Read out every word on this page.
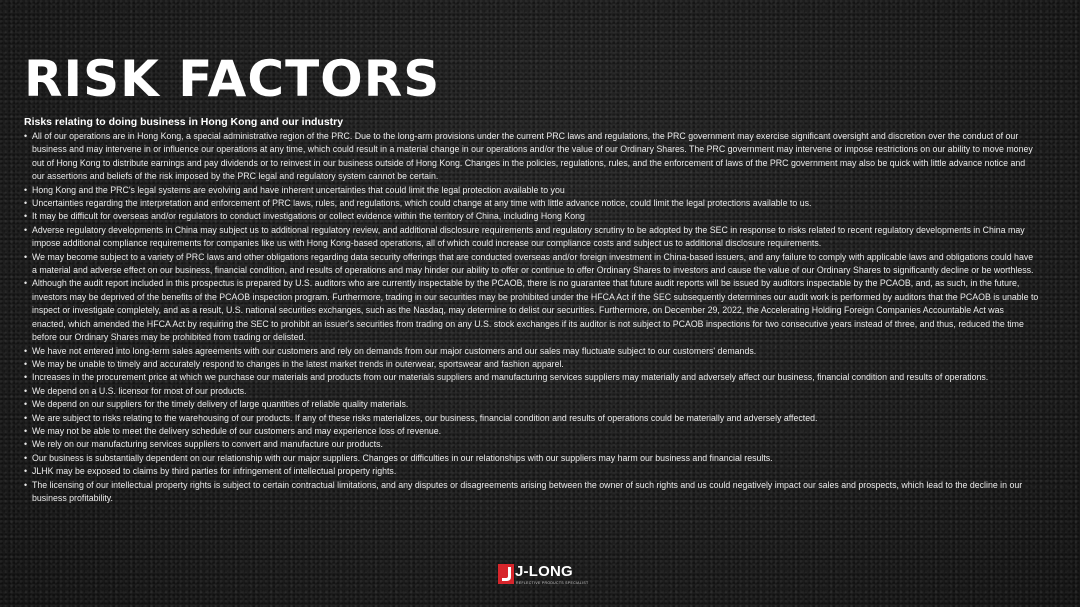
RISK FACTORS
Risks relating to doing business in Hong Kong and our industry
• All of our operations are in Hong Kong, a special administrative region of the PRC. Due to the long-arm provisions under the current PRC laws and regulations, the PRC government may exercise significant oversight and discretion over the conduct of our business and may intervene in or influence our operations at any time, which could result in a material change in our operations and/or the value of our Ordinary Shares. The PRC government may intervene or impose restrictions on our ability to move money out of Hong Kong to distribute earnings and pay dividends or to reinvest in our business outside of Hong Kong. Changes in the policies, regulations, rules, and the enforcement of laws of the PRC government may also be quick with little advance notice and our assertions and beliefs of the risk imposed by the PRC legal and regulatory system cannot be certain.
• Hong Kong and the PRC's legal systems are evolving and have inherent uncertainties that could limit the legal protection available to you
• Uncertainties regarding the interpretation and enforcement of PRC laws, rules, and regulations, which could change at any time with little advance notice, could limit the legal protections available to us.
• It may be difficult for overseas and/or regulators to conduct investigations or collect evidence within the territory of China, including Hong Kong
• Adverse regulatory developments in China may subject us to additional regulatory review, and additional disclosure requirements and regulatory scrutiny to be adopted by the SEC in response to risks related to recent regulatory developments in China may impose additional compliance requirements for companies like us with Hong Kong-based operations, all of which could increase our compliance costs and subject us to additional disclosure requirements.
• We may become subject to a variety of PRC laws and other obligations regarding data security offerings that are conducted overseas and/or foreign investment in China-based issuers, and any failure to comply with applicable laws and obligations could have a material and adverse effect on our business, financial condition, and results of operations and may hinder our ability to offer or continue to offer Ordinary Shares to investors and cause the value of our Ordinary Shares to significantly decline or be worthless.
• Although the audit report included in this prospectus is prepared by U.S. auditors who are currently inspectable by the PCAOB, there is no guarantee that future audit reports will be issued by auditors inspectable by the PCAOB, and, as such, in the future, investors may be deprived of the benefits of the PCAOB inspection program. Furthermore, trading in our securities may be prohibited under the HFCA Act if the SEC subsequently determines our audit work is performed by auditors that the PCAOB is unable to inspect or investigate completely, and as a result, U.S. national securities exchanges, such as the Nasdaq, may determine to delist our securities. Furthermore, on December 29, 2022, the Accelerating Holding Foreign Companies Accountable Act was enacted, which amended the HFCA Act by requiring the SEC to prohibit an issuer's securities from trading on any U.S. stock exchanges if its auditor is not subject to PCAOB inspections for two consecutive years instead of three, and thus, reduced the time before our Ordinary Shares may be prohibited from trading or delisted.
• We have not entered into long-term sales agreements with our customers and rely on demands from our major customers and our sales may fluctuate subject to our customers' demands.
• We may be unable to timely and accurately respond to changes in the latest market trends in outerwear, sportswear and fashion apparel.
• Increases in the procurement price at which we purchase our materials and products from our materials suppliers and manufacturing services suppliers may materially and adversely affect our business, financial condition and results of operations.
• We depend on a U.S. licensor for most of our products.
• We depend on our suppliers for the timely delivery of large quantities of reliable quality materials.
• We are subject to risks relating to the warehousing of our products. If any of these risks materializes, our business, financial condition and results of operations could be materially and adversely affected.
• We may not be able to meet the delivery schedule of our customers and may experience loss of revenue.
• We rely on our manufacturing services suppliers to convert and manufacture our products.
• Our business is substantially dependent on our relationship with our major suppliers. Changes or difficulties in our relationships with our suppliers may harm our business and financial results.
• JLHK may be exposed to claims by third parties for infringement of intellectual property rights.
• The licensing of our intellectual property rights is subject to certain contractual limitations, and any disputes or disagreements arising between the owner of such rights and us could negatively impact our sales and prospects, which lead to the decline in our business profitability.
J-LONG
REFLECTIVE PRODUCTS SPECIALIST
